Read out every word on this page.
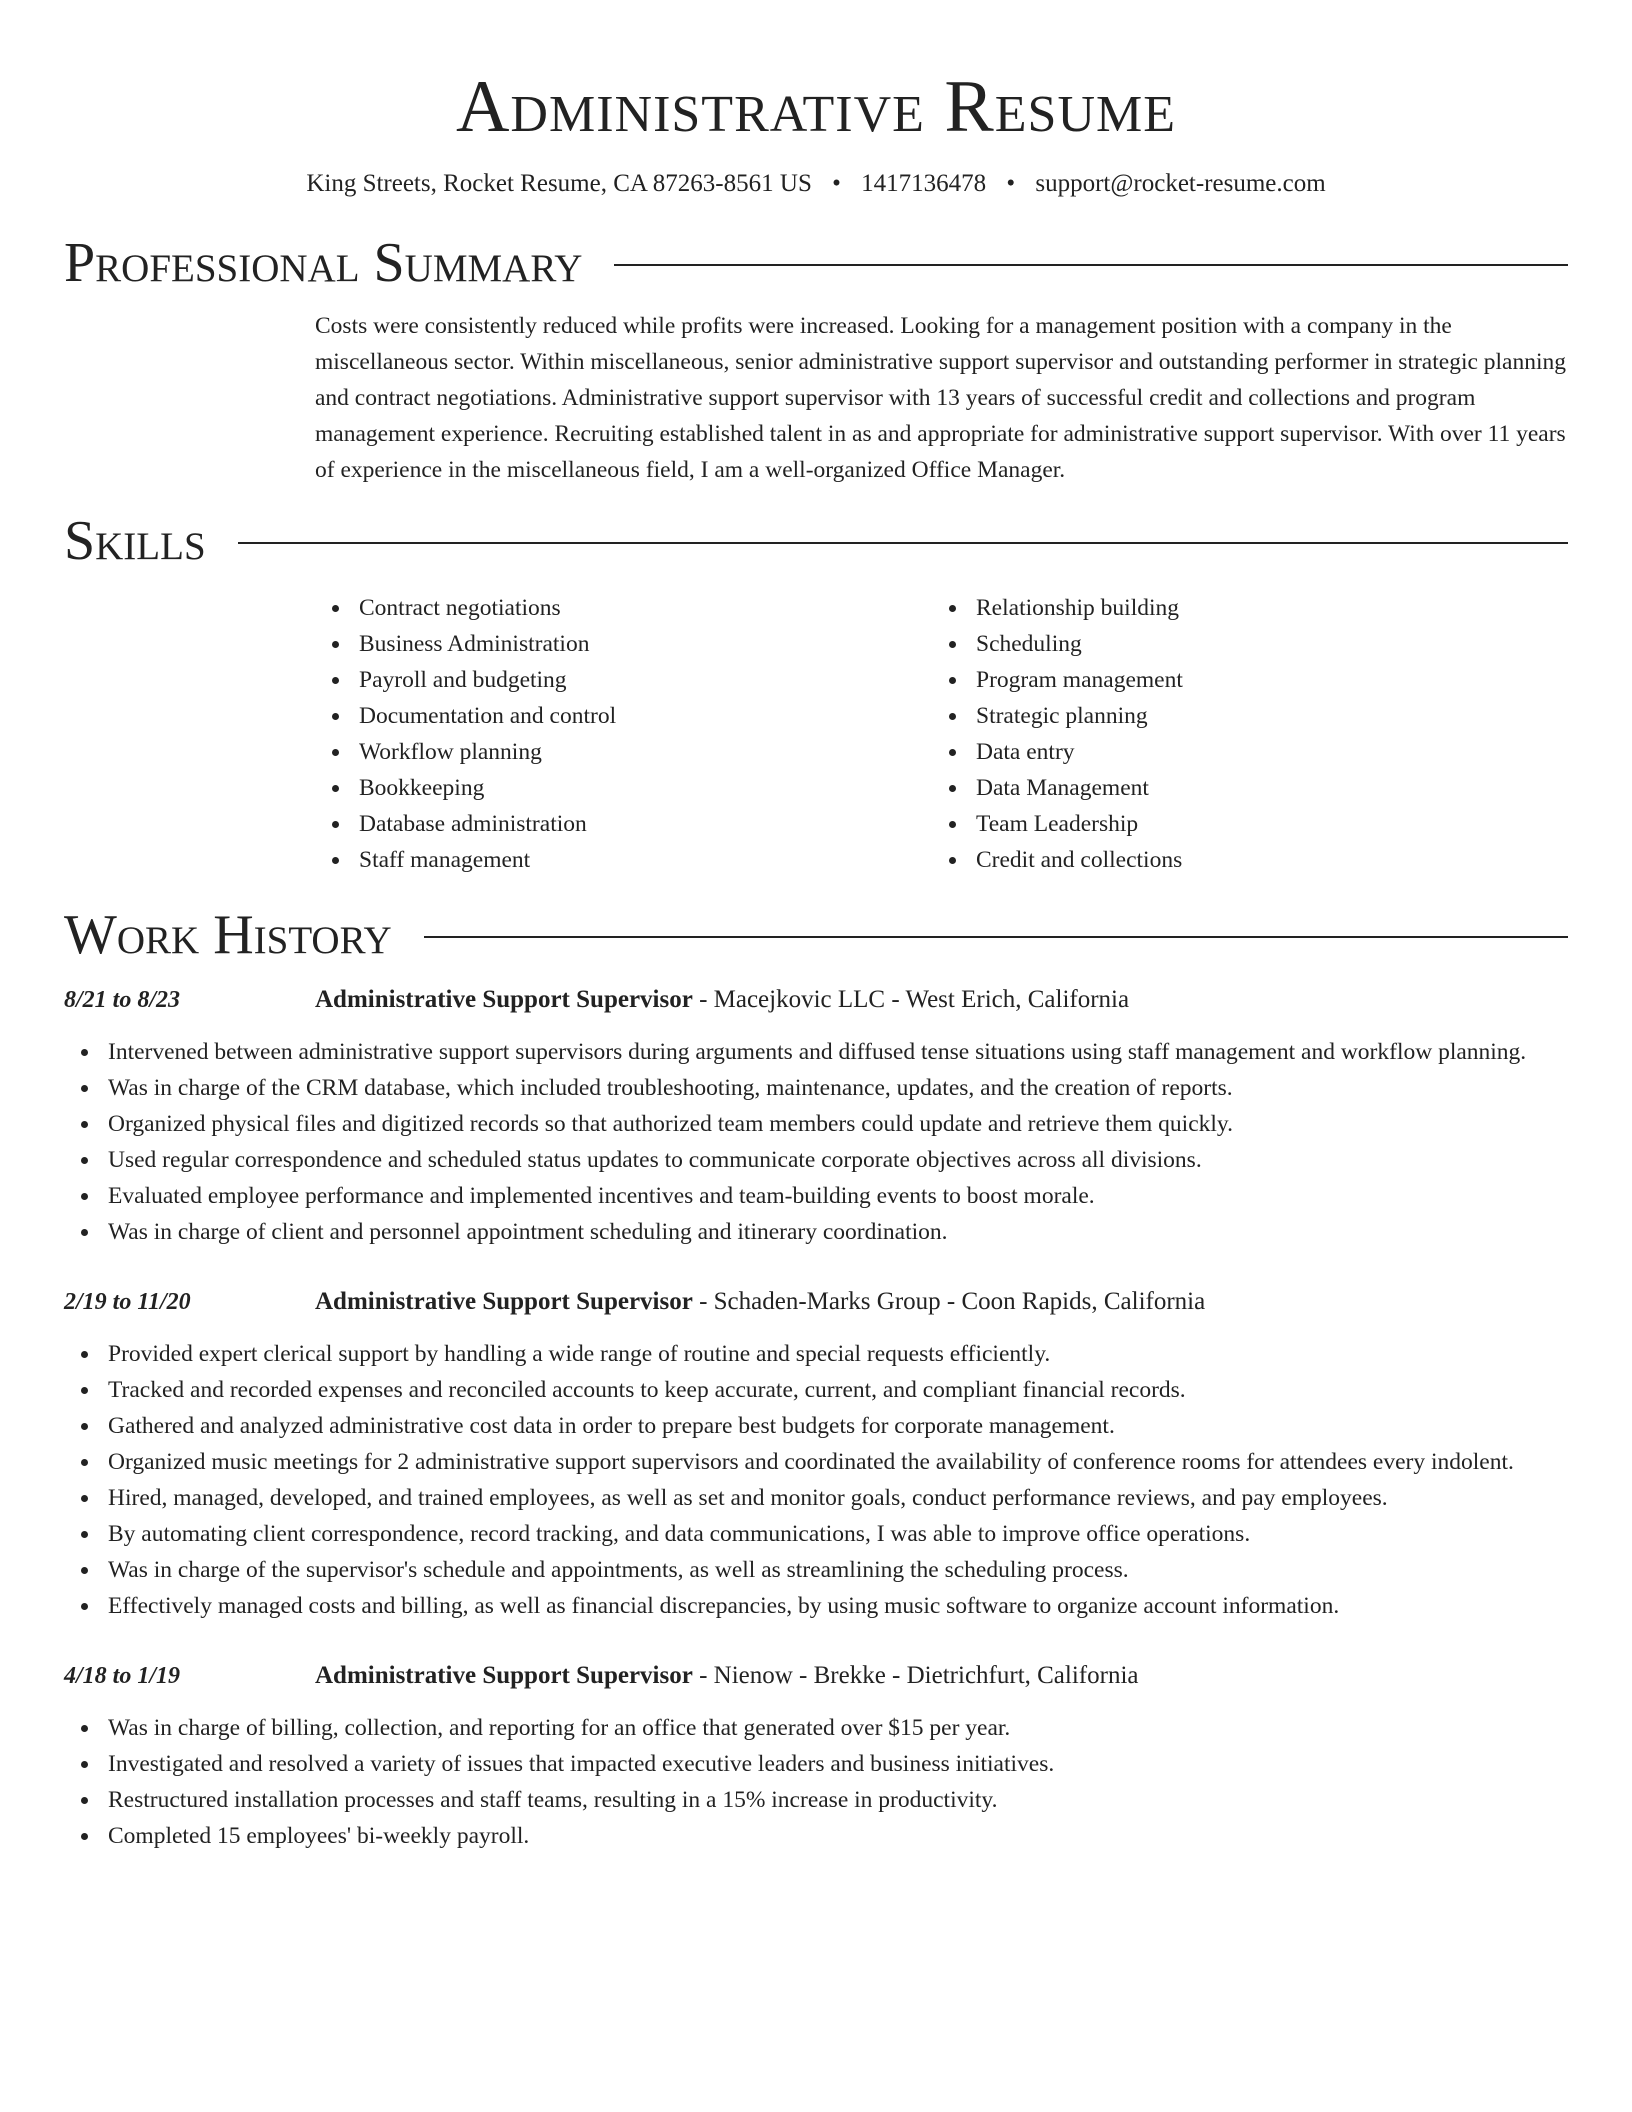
Administrative Resume
King Streets, Rocket Resume, CA 87263-8561 US • 1417136478 • support@rocket-resume.com
Professional Summary

Costs were consistently reduced while profits were increased. Looking for a management position with a company in the miscellaneous sector. Within miscellaneous, senior administrative support supervisor and outstanding performer in strategic planning and contract negotiations. Administrative support supervisor with 13 years of successful credit and collections and program management experience. Recruiting established talent in as and appropriate for administrative support supervisor. With over 11 years of experience in the miscellaneous field, I am a well-organized Office Manager.

Skills
Contract negotiations
Business Administration
Payroll and budgeting
Documentation and control
Workflow planning
Bookkeeping
Database administration
Staff management
Relationship building
Scheduling
Program management
Strategic planning
Data entry
Data Management
Team Leadership
Credit and collections
Work History
8/21 to 8/23	Administrative Support Supervisor - Macejkovic LLC - West Erich, California
Intervened between administrative support supervisors during arguments and diffused tense situations using staff management and workflow planning.
Was in charge of the CRM database, which included troubleshooting, maintenance, updates, and the creation of reports.
Organized physical files and digitized records so that authorized team members could update and retrieve them quickly.
Used regular correspondence and scheduled status updates to communicate corporate objectives across all divisions.
Evaluated employee performance and implemented incentives and team-building events to boost morale.
Was in charge of client and personnel appointment scheduling and itinerary coordination.
2/19 to 11/20	Administrative Support Supervisor - Schaden-Marks Group - Coon Rapids, California
Provided expert clerical support by handling a wide range of routine and special requests efficiently.
Tracked and recorded expenses and reconciled accounts to keep accurate, current, and compliant financial records.
Gathered and analyzed administrative cost data in order to prepare best budgets for corporate management.
Organized music meetings for 2 administrative support supervisors and coordinated the availability of conference rooms for attendees every indolent.
Hired, managed, developed, and trained employees, as well as set and monitor goals, conduct performance reviews, and pay employees.
By automating client correspondence, record tracking, and data communications, I was able to improve office operations.
Was in charge of the supervisor's schedule and appointments, as well as streamlining the scheduling process.
Effectively managed costs and billing, as well as financial discrepancies, by using music software to organize account information.
4/18 to 1/19	Administrative Support Supervisor - Nienow - Brekke - Dietrichfurt, California
Was in charge of billing, collection, and reporting for an office that generated over $15 per year.
Investigated and resolved a variety of issues that impacted executive leaders and business initiatives.
Restructured installation processes and staff teams, resulting in a 15% increase in productivity.
Completed 15 employees' bi-weekly payroll.
